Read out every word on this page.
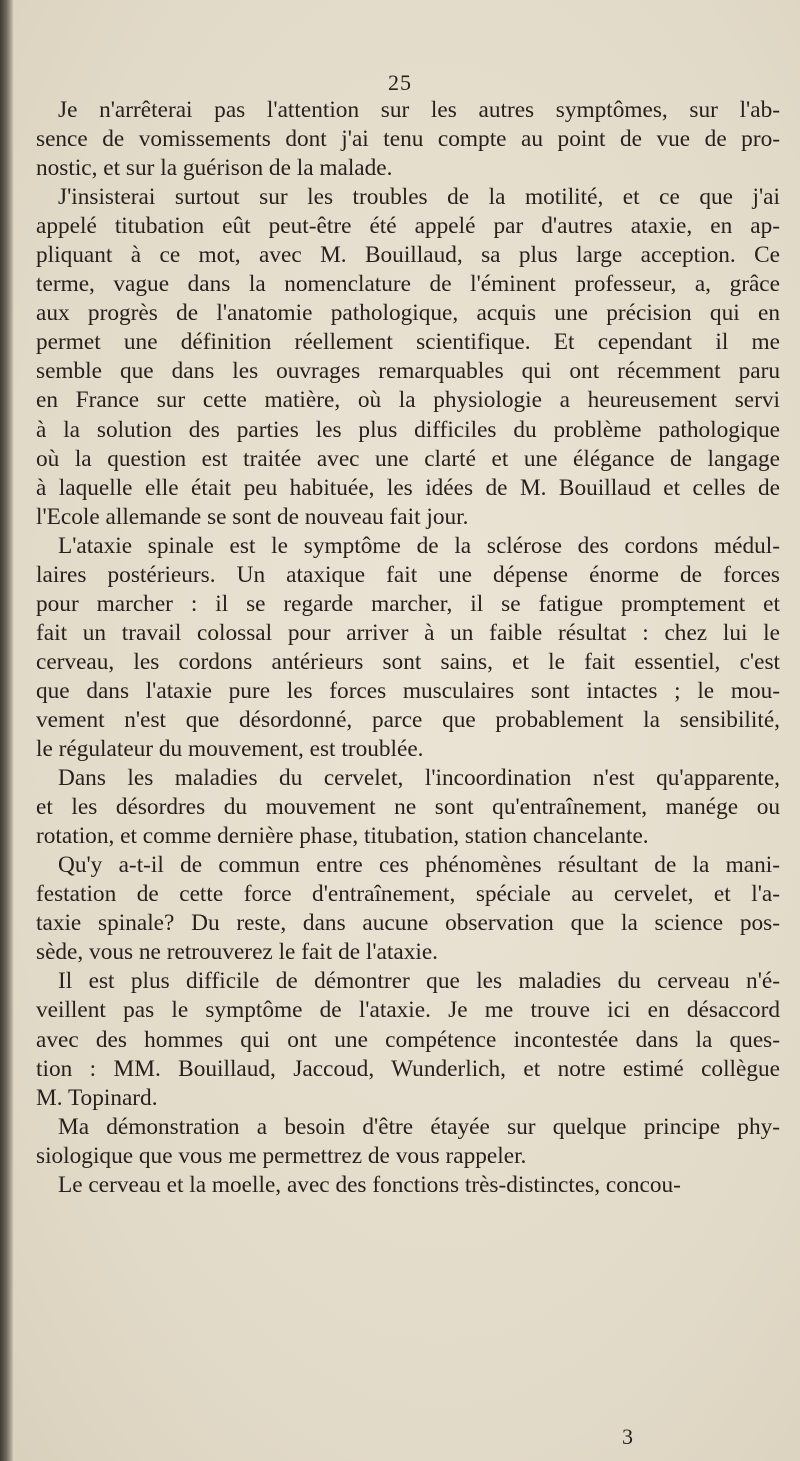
25
Je n'arrêterai pas l'attention sur les autres symptômes, sur l'ab-
sence de vomissements dont j'ai tenu compte au point de vue de pro-
nostic, et sur la guérison de la malade.
J'insisterai surtout sur les troubles de la motilité, et ce que j'ai
appelé titubation eût peut-être été appelé par d'autres ataxie, en ap-
pliquant à ce mot, avec M. Bouillaud, sa plus large acception. Ce
terme, vague dans la nomenclature de l'éminent professeur, a, grâce
aux progrès de l'anatomie pathologique, acquis une précision qui en
permet une définition réellement scientifique. Et cependant il me
semble que dans les ouvrages remarquables qui ont récemment paru
en France sur cette matière, où la physiologie a heureusement servi
à la solution des parties les plus difficiles du problème pathologique
où la question est traitée avec une clarté et une élégance de langage
à laquelle elle était peu habituée, les idées de M. Bouillaud et celles de
l'Ecole allemande se sont de nouveau fait jour.
L'ataxie spinale est le symptôme de la sclérose des cordons médul-
laires postérieurs. Un ataxique fait une dépense énorme de forces
pour marcher : il se regarde marcher, il se fatigue promptement et
fait un travail colossal pour arriver à un faible résultat : chez lui le
cerveau, les cordons antérieurs sont sains, et le fait essentiel, c'est
que dans l'ataxie pure les forces musculaires sont intactes ; le mou-
vement n'est que désordonné, parce que probablement la sensibilité,
le régulateur du mouvement, est troublée.
Dans les maladies du cervelet, l'incoordination n'est qu'apparente,
et les désordres du mouvement ne sont qu'entraînement, manége ou
rotation, et comme dernière phase, titubation, station chancelante.
Qu'y a-t-il de commun entre ces phénomènes résultant de la mani-
festation de cette force d'entraînement, spéciale au cervelet, et l'a-
taxie spinale? Du reste, dans aucune observation que la science pos-
sède, vous ne retrouverez le fait de l'ataxie.
Il est plus difficile de démontrer que les maladies du cerveau n'é-
veillent pas le symptôme de l'ataxie. Je me trouve ici en désaccord
avec des hommes qui ont une compétence incontestée dans la ques-
tion : MM. Bouillaud, Jaccoud, Wunderlich, et notre estimé collègue
M. Topinard.
Ma démonstration a besoin d'être étayée sur quelque principe phy-
siologique que vous me permettrez de vous rappeler.
Le cerveau et la moelle, avec des fonctions très-distinctes, concou-
3
